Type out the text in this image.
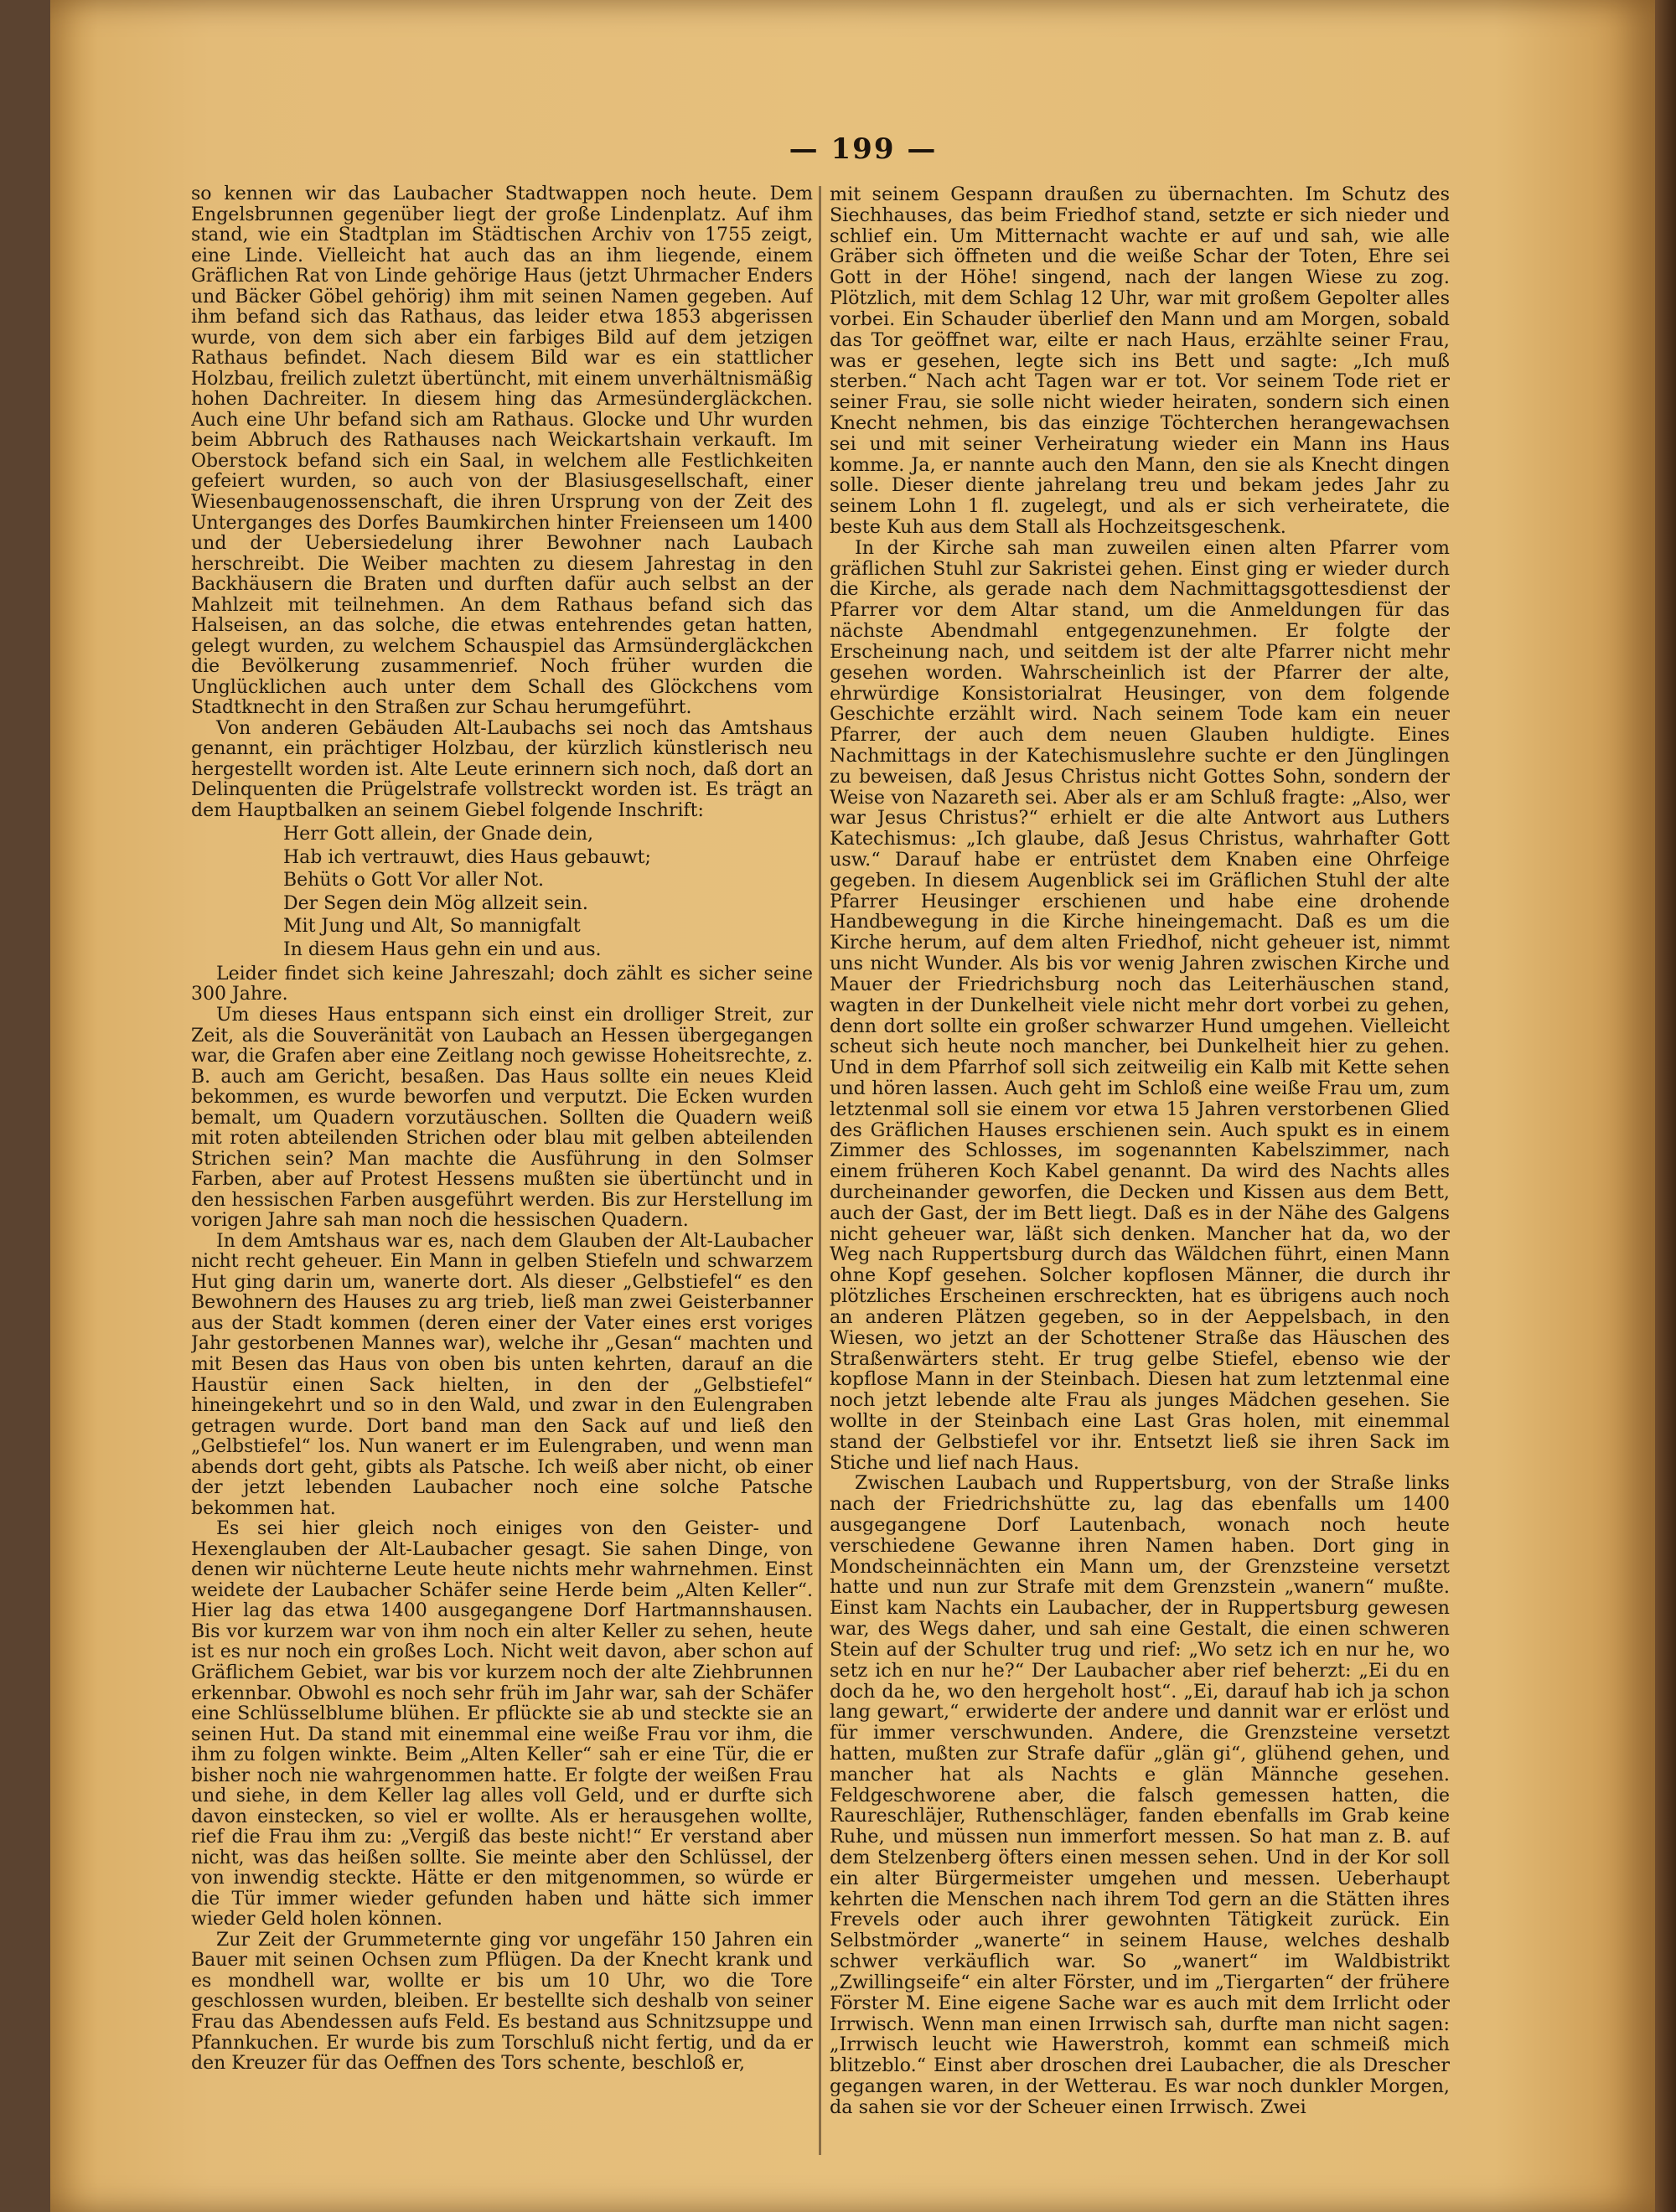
— 199 —

so kennen wir das Laubacher Stadtwappen noch heute. Dem Engelsbrunnen gegenüber liegt der große Lindenplatz. Auf ihm stand, wie ein Stadtplan im Städtischen Archiv von 1755 zeigt, eine Linde. Vielleicht hat auch das an ihm liegende, einem Gräflichen Rat von Linde gehörige Haus (jetzt Uhrmacher Enders und Bäcker Göbel gehörig) ihm mit seinen Namen gegeben. Auf ihm befand sich das Rathaus, das leider etwa 1853 abgerissen wurde, von dem sich aber ein farbiges Bild auf dem jetzigen Rathaus befindet. Nach diesem Bild war es ein stattlicher Holzbau, freilich zuletzt übertüncht, mit einem unverhältnismäßig hohen Dachreiter. In diesem hing das Armesündergläckchen. Auch eine Uhr befand sich am Rathaus. Glocke und Uhr wurden beim Abbruch des Rathauses nach Weickartshain verkauft. Im Oberstock befand sich ein Saal, in welchem alle Festlichkeiten gefeiert wurden, so auch von der Blasiusgesellschaft, einer Wiesenbaugenossenschaft, die ihren Ursprung von der Zeit des Unterganges des Dorfes Baumkirchen hinter Freienseen um 1400 und der Uebersiedelung ihrer Bewohner nach Laubach herschreibt. Die Weiber machten zu diesem Jahrestag in den Backhäusern die Braten und durften dafür auch selbst an der Mahlzeit mit teilnehmen. An dem Rathaus befand sich das Halseisen, an das solche, die etwas entehrendes getan hatten, gelegt wurden, zu welchem Schauspiel das Armsündergläckchen die Bevölkerung zusammenrief. Noch früher wurden die Unglücklichen auch unter dem Schall des Glöckchens vom Stadtknecht in den Straßen zur Schau herumgeführt.

Von anderen Gebäuden Alt-Laubachs sei noch das Amtshaus genannt, ein prächtiger Holzbau, der kürzlich künstlerisch neu hergestellt worden ist. Alte Leute erinnern sich noch, daß dort an Delinquenten die Prügelstrafe vollstreckt worden ist. Es trägt an dem Hauptbalken an seinem Giebel folgende Inschrift:

Herr Gott allein, der Gnade dein,
Hab ich vertrauwt, dies Haus gebauwt;
Behüts o Gott Vor aller Not.
Der Segen dein Mög allzeit sein.
Mit Jung und Alt, So mannigfalt
In diesem Haus gehn ein und aus.

Leider findet sich keine Jahreszahl; doch zählt es sicher seine 300 Jahre.

Um dieses Haus entspann sich einst ein drolliger Streit, zur Zeit, als die Souveränität von Laubach an Hessen übergegangen war, die Grafen aber eine Zeitlang noch gewisse Hoheitsrechte, z. B. auch am Gericht, besaßen. Das Haus sollte ein neues Kleid bekommen, es wurde beworfen und verputzt. Die Ecken wurden bemalt, um Quadern vorzutäuschen. Sollten die Quadern weiß mit roten abteilenden Strichen oder blau mit gelben abteilenden Strichen sein? Man machte die Ausführung in den Solmser Farben, aber auf Protest Hessens mußten sie übertüncht und in den hessischen Farben ausgeführt werden. Bis zur Herstellung im vorigen Jahre sah man noch die hessischen Quadern.

In dem Amtshaus war es, nach dem Glauben der Alt-Laubacher nicht recht geheuer. Ein Mann in gelben Stiefeln und schwarzem Hut ging darin um, wanerte dort. Als dieser „Gelbstiefel“ es den Bewohnern des Hauses zu arg trieb, ließ man zwei Geisterbanner aus der Stadt kommen (deren einer der Vater eines erst voriges Jahr gestorbenen Mannes war), welche ihr „Gesan“ machten und mit Besen das Haus von oben bis unten kehrten, darauf an die Haustür einen Sack hielten, in den der „Gelbstiefel“ hineingekehrt und so in den Wald, und zwar in den Eulengraben getragen wurde. Dort band man den Sack auf und ließ den „Gelbstiefel“ los. Nun wanert er im Eulengraben, und wenn man abends dort geht, gibts als Patsche. Ich weiß aber nicht, ob einer der jetzt lebenden Laubacher noch eine solche Patsche bekommen hat.

Es sei hier gleich noch einiges von den Geister- und Hexenglauben der Alt-Laubacher gesagt. Sie sahen Dinge, von denen wir nüchterne Leute heute nichts mehr wahrnehmen. Einst weidete der Laubacher Schäfer seine Herde beim „Alten Keller“. Hier lag das etwa 1400 ausgegangene Dorf Hartmannshausen. Bis vor kurzem war von ihm noch ein alter Keller zu sehen, heute ist es nur noch ein großes Loch. Nicht weit davon, aber schon auf Gräflichem Gebiet, war bis vor kurzem noch der alte Ziehbrunnen erkennbar. Obwohl es noch sehr früh im Jahr war, sah der Schäfer eine Schlüsselblume blühen. Er pflückte sie ab und steckte sie an seinen Hut. Da stand mit einemmal eine weiße Frau vor ihm, die ihm zu folgen winkte. Beim „Alten Keller“ sah er eine Tür, die er bisher noch nie wahrgenommen hatte. Er folgte der weißen Frau und siehe, in dem Keller lag alles voll Geld, und er durfte sich davon einstecken, so viel er wollte. Als er herausgehen wollte, rief die Frau ihm zu: „Vergiß das beste nicht!“ Er verstand aber nicht, was das heißen sollte. Sie meinte aber den Schlüssel, der von inwendig steckte. Hätte er den mitgenommen, so würde er die Tür immer wieder gefunden haben und hätte sich immer wieder Geld holen können.

Zur Zeit der Grummeternte ging vor ungefähr 150 Jahren ein Bauer mit seinen Ochsen zum Pflügen. Da der Knecht krank und es mondhell war, wollte er bis um 10 Uhr, wo die Tore geschlossen wurden, bleiben. Er bestellte sich deshalb von seiner Frau das Abendessen aufs Feld. Es bestand aus Schnitzsuppe und Pfannkuchen. Er wurde bis zum Torschluß nicht fertig, und da er den Kreuzer für das Oeffnen des Tors schente, beschloß er,

mit seinem Gespann draußen zu übernachten. Im Schutz des Siechhauses, das beim Friedhof stand, setzte er sich nieder und schlief ein. Um Mitternacht wachte er auf und sah, wie alle Gräber sich öffneten und die weiße Schar der Toten, Ehre sei Gott in der Höhe! singend, nach der langen Wiese zu zog. Plötzlich, mit dem Schlag 12 Uhr, war mit großem Gepolter alles vorbei. Ein Schauder überlief den Mann und am Morgen, sobald das Tor geöffnet war, eilte er nach Haus, erzählte seiner Frau, was er gesehen, legte sich ins Bett und sagte: „Ich muß sterben.“ Nach acht Tagen war er tot. Vor seinem Tode riet er seiner Frau, sie solle nicht wieder heiraten, sondern sich einen Knecht nehmen, bis das einzige Töchterchen herangewachsen sei und mit seiner Verheiratung wieder ein Mann ins Haus komme. Ja, er nannte auch den Mann, den sie als Knecht dingen solle. Dieser diente jahrelang treu und bekam jedes Jahr zu seinem Lohn 1 fl. zugelegt, und als er sich verheiratete, die beste Kuh aus dem Stall als Hochzeitsgeschenk.

In der Kirche sah man zuweilen einen alten Pfarrer vom gräflichen Stuhl zur Sakristei gehen. Einst ging er wieder durch die Kirche, als gerade nach dem Nachmittagsgottesdienst der Pfarrer vor dem Altar stand, um die Anmeldungen für das nächste Abendmahl entgegenzunehmen. Er folgte der Erscheinung nach, und seitdem ist der alte Pfarrer nicht mehr gesehen worden. Wahrscheinlich ist der Pfarrer der alte, ehrwürdige Konsistorialrat Heusinger, von dem folgende Geschichte erzählt wird. Nach seinem Tode kam ein neuer Pfarrer, der auch dem neuen Glauben huldigte. Eines Nachmittags in der Katechismuslehre suchte er den Jünglingen zu beweisen, daß Jesus Christus nicht Gottes Sohn, sondern der Weise von Nazareth sei. Aber als er am Schluß fragte: „Also, wer war Jesus Christus?“ erhielt er die alte Antwort aus Luthers Katechismus: „Ich glaube, daß Jesus Christus, wahrhafter Gott usw.“ Darauf habe er entrüstet dem Knaben eine Ohrfeige gegeben. In diesem Augenblick sei im Gräflichen Stuhl der alte Pfarrer Heusinger erschienen und habe eine drohende Handbewegung in die Kirche hineingemacht. Daß es um die Kirche herum, auf dem alten Friedhof, nicht geheuer ist, nimmt uns nicht Wunder. Als bis vor wenig Jahren zwischen Kirche und Mauer der Friedrichsburg noch das Leiterhäuschen stand, wagten in der Dunkelheit viele nicht mehr dort vorbei zu gehen, denn dort sollte ein großer schwarzer Hund umgehen. Vielleicht scheut sich heute noch mancher, bei Dunkelheit hier zu gehen. Und in dem Pfarrhof soll sich zeitweilig ein Kalb mit Kette sehen und hören lassen. Auch geht im Schloß eine weiße Frau um, zum letztenmal soll sie einem vor etwa 15 Jahren verstorbenen Glied des Gräflichen Hauses erschienen sein. Auch spukt es in einem Zimmer des Schlosses, im sogenannten Kabelszimmer, nach einem früheren Koch Kabel genannt. Da wird des Nachts alles durcheinander geworfen, die Decken und Kissen aus dem Bett, auch der Gast, der im Bett liegt. Daß es in der Nähe des Galgens nicht geheuer war, läßt sich denken. Mancher hat da, wo der Weg nach Ruppertsburg durch das Wäldchen führt, einen Mann ohne Kopf gesehen. Solcher kopflosen Männer, die durch ihr plötzliches Erscheinen erschreckten, hat es übrigens auch noch an anderen Plätzen gegeben, so in der Aeppelsbach, in den Wiesen, wo jetzt an der Schottener Straße das Häuschen des Straßenwärters steht. Er trug gelbe Stiefel, ebenso wie der kopflose Mann in der Steinbach. Diesen hat zum letztenmal eine noch jetzt lebende alte Frau als junges Mädchen gesehen. Sie wollte in der Steinbach eine Last Gras holen, mit einemmal stand der Gelbstiefel vor ihr. Entsetzt ließ sie ihren Sack im Stiche und lief nach Haus.

Zwischen Laubach und Ruppertsburg, von der Straße links nach der Friedrichshütte zu, lag das ebenfalls um 1400 ausgegangene Dorf Lautenbach, wonach noch heute verschiedene Gewanne ihren Namen haben. Dort ging in Mondscheinnächten ein Mann um, der Grenzsteine versetzt hatte und nun zur Strafe mit dem Grenzstein „wanern“ mußte. Einst kam Nachts ein Laubacher, der in Ruppertsburg gewesen war, des Wegs daher, und sah eine Gestalt, die einen schweren Stein auf der Schulter trug und rief: „Wo setz ich en nur he, wo setz ich en nur he?“ Der Laubacher aber rief beherzt: „Ei du en doch da he, wo den hergeholt host“. „Ei, darauf hab ich ja schon lang gewart,“ erwiderte der andere und dannit war er erlöst und für immer verschwunden. Andere, die Grenzsteine versetzt hatten, mußten zur Strafe dafür „glän gi“, glühend gehen, und mancher hat als Nachts e glän Männche gesehen. Feldgeschworene aber, die falsch gemessen hatten, die Raureschläjer, Ruthenschläger, fanden ebenfalls im Grab keine Ruhe, und müssen nun immerfort messen. So hat man z. B. auf dem Stelzenberg öfters einen messen sehen. Und in der Kor soll ein alter Bürgermeister umgehen und messen. Ueberhaupt kehrten die Menschen nach ihrem Tod gern an die Stätten ihres Frevels oder auch ihrer gewohnten Tätigkeit zurück. Ein Selbstmörder „wanerte“ in seinem Hause, welches deshalb schwer verkäuflich war. So „wanert“ im Waldbistrikt „Zwillingseife“ ein alter Förster, und im „Tiergarten“ der frühere Förster M. Eine eigene Sache war es auch mit dem Irrlicht oder Irrwisch. Wenn man einen Irrwisch sah, durfte man nicht sagen: „Irrwisch leucht wie Hawerstroh, kommt ean schmeiß mich blitzeblo.“ Einst aber droschen drei Laubacher, die als Drescher gegangen waren, in der Wetterau. Es war noch dunkler Morgen, da sahen sie vor der Scheuer einen Irrwisch. Zwei
